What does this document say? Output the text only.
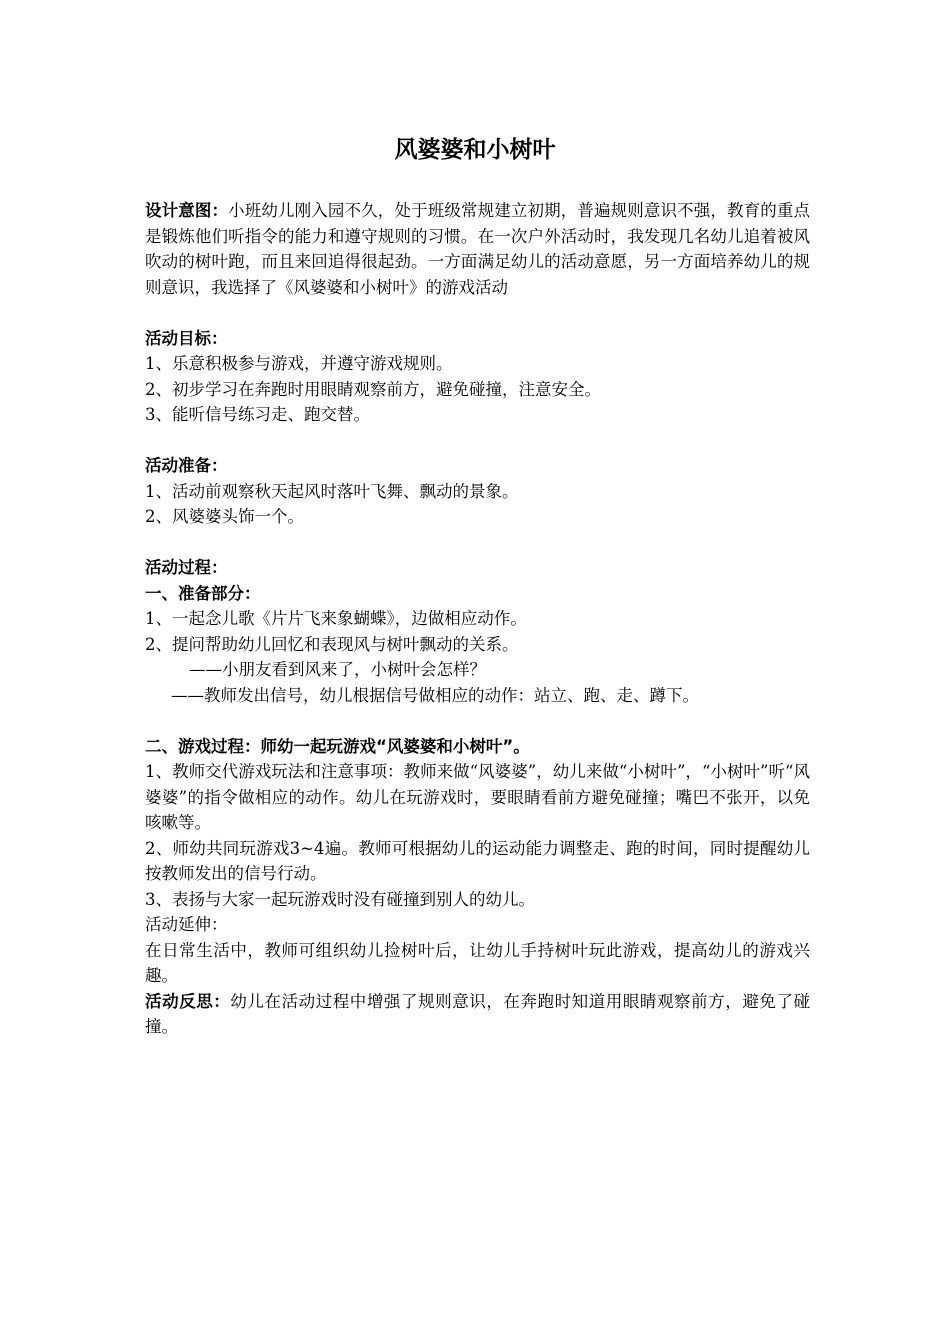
风婆婆和小树叶

设计意图：小班幼儿刚入园不久，处于班级常规建立初期，普遍规则意识不强，教育的重点是锻炼他们听指令的能力和遵守规则的习惯。在一次户外活动时，我发现几名幼儿追着被风吹动的树叶跑，而且来回追得很起劲。一方面满足幼儿的活动意愿，另一方面培养幼儿的规则意识，我选择了《风婆婆和小树叶》的游戏活动

活动目标：

1、乐意积极参与游戏，并遵守游戏规则。

2、初步学习在奔跑时用眼睛观察前方，避免碰撞，注意安全。

3、能听信号练习走、跑交替。

活动准备：

1、活动前观察秋天起风时落叶飞舞、飘动的景象。

2、风婆婆头饰一个。

活动过程：

一、准备部分：

1、一起念儿歌《片片飞来象蝴蝶》，边做相应动作。

2、提问帮助幼儿回忆和表现风与树叶飘动的关系。

——小朋友看到风来了，小树叶会怎样？

——教师发出信号，幼儿根据信号做相应的动作：站立、跑、走、蹲下。

二、游戏过程：师幼一起玩游戏“风婆婆和小树叶”。

1、教师交代游戏玩法和注意事项：教师来做“风婆婆”，幼儿来做“小树叶”，“小树叶”听“风婆婆”的指令做相应的动作。幼儿在玩游戏时，要眼睛看前方避免碰撞；嘴巴不张开，以免咳嗽等。

2、师幼共同玩游戏3~4遍。教师可根据幼儿的运动能力调整走、跑的时间，同时提醒幼儿按教师发出的信号行动。

3、表扬与大家一起玩游戏时没有碰撞到别人的幼儿。

活动延伸：

在日常生活中，教师可组织幼儿捡树叶后，让幼儿手持树叶玩此游戏，提高幼儿的游戏兴趣。

活动反思：幼儿在活动过程中增强了规则意识，在奔跑时知道用眼睛观察前方，避免了碰撞。
